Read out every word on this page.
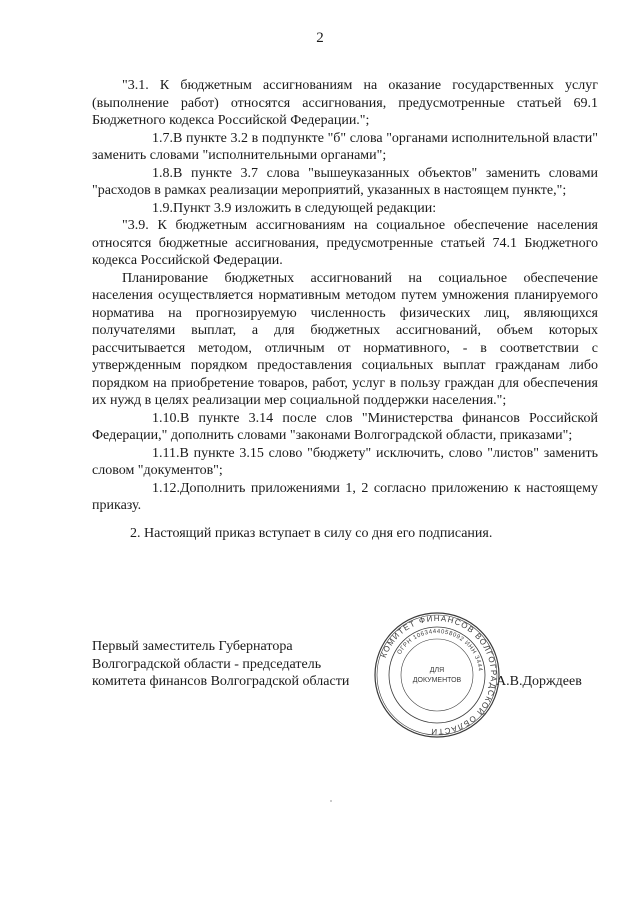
2

"3.1. К бюджетным ассигнованиям на оказание государственных услуг (выполнение работ) относятся ассигнования, предусмотренные статьей 69.1 Бюджетного кодекса Российской Федерации.";

1.7.В пункте 3.2 в подпункте "б" слова "органами исполнительной власти" заменить словами "исполнительными органами";

1.8.В пункте 3.7 слова "вышеуказанных объектов" заменить словами "расходов в рамках реализации мероприятий, указанных в настоящем пункте,";

1.9.Пункт 3.9 изложить в следующей редакции:

"3.9. К бюджетным ассигнованиям на социальное обеспечение населения относятся бюджетные ассигнования, предусмотренные статьей 74.1 Бюджетного кодекса Российской Федерации.

Планирование бюджетных ассигнований на социальное обеспечение населения осуществляется нормативным методом путем умножения планируемого норматива на прогнозируемую численность физических лиц, являющихся получателями выплат, а для бюджетных ассигнований, объем которых рассчитывается методом, отличным от нормативного, - в соответствии с утвержденным порядком предоставления социальных выплат гражданам либо порядком на приобретение товаров, работ, услуг в пользу граждан для обеспечения их нужд в целях реализации мер социальной поддержки населения.";

1.10.В пункте 3.14 после слов "Министерства финансов Российской Федерации," дополнить словами "законами Волгоградской области, приказами";

1.11.В пункте 3.15 слово "бюджету" исключить, слово "листов" заменить словом "документов";

1.12.Дополнить приложениями 1, 2 согласно приложению к настоящему приказу.

2. Настоящий приказ вступает в силу со дня его подписания.

Первый заместитель Губернатора
Волгоградской области - председатель
комитета финансов Волгоградской области	А.В.Дорждеев
КОМИТЕТ ФИНАНСОВ ВОЛГОГРАДСКОЙ ОБЛАСТИ
ОГРН 1063444058092 ИНН 3444
ДЛЯ
ДОКУМЕНТОВ
